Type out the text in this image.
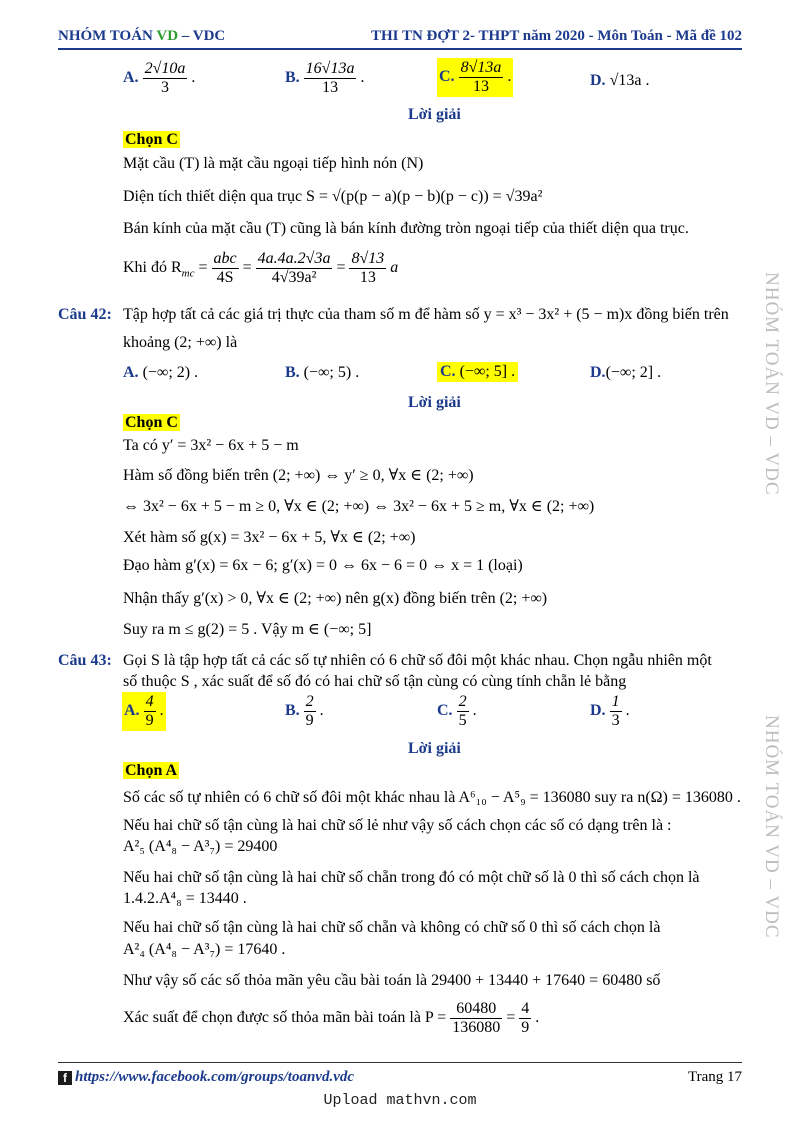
NHÓM TOÁN VD – VDC	THI TN ĐỢT 2- THPT năm 2020 - Môn Toán - Mã đề 102
NHÓM TOÁN VD – VDC
NHÓM TOÁN VD – VDC
A. $\frac{2√10a}{3}$ .	B. $\frac{16√13a}{13}$ .	C. $\frac{8√13a}{13}$ .	D. √13a .
Lời giải
Chọn C
Mặt cầu (T) là mặt cầu ngoại tiếp hình nón (N)
Diện tích thiết diện qua trục S = √(p(p − a)(p − b)(p − c)) = √39a²
Bán kính của mặt cầu (T) cũng là bán kính đường tròn ngoại tiếp của thiết diện qua trục.
Khi đó $R_{mc} = \frac{\text{abc}}{4S} = \frac{4a.4a.2√3a}{\text{4√39a²}} = \frac{8√13}{13}$ a
Câu 42: Tập hợp tất cả các giá trị thực của tham số m để hàm số y = x³ − 3x² + (5 − m)x đồng biến trên
khoảng (2; +∞) là
A. (−∞; 2) .	B. (−∞; 5) .	C. (−∞; 5] .	D.(−∞; 2] .
Lời giải
Chọn C
Ta có y′ = 3x² − 6x + 5 − m
Hàm số đồng biến trên (2; +∞) ⇔ y′ ≥ 0, ∀x ∈ (2; +∞)
⇔ 3x² − 6x + 5 − m ≥ 0, ∀x ∈ (2; +∞) ⇔ 3x² − 6x + 5 ≥ m, ∀x ∈ (2; +∞)
Xét hàm số g(x) = 3x² − 6x + 5, ∀x ∈ (2; +∞)
Đạo hàm g′(x) = 6x − 6; g′(x) = 0 ⇔ 6x − 6 = 0 ⇔ x = 1 (loại)
Nhận thấy g′(x) > 0, ∀x ∈ (2; +∞) nên g(x) đồng biến trên (2; +∞)
Suy ra m ≤ g(2) = 5 . Vậy m ∈ (−∞; 5]
Câu 43: Gọi S là tập hợp tất cả các số tự nhiên có 6 chữ số đôi một khác nhau. Chọn ngẫu nhiên một
số thuộc S , xác suất để số đó có hai chữ số tận cùng có cùng tính chẵn lẻ bằng
A. $\frac{4}{9}$ .	B. $\frac{2}{9}$ .	C. $\frac{2}{5}$ .	D. $\frac{1}{3}$ .
Lời giải
Chọn A
Số các số tự nhiên có 6 chữ số đôi một khác nhau là A⁶₁₀ − A⁵₉ = 136080 suy ra n(Ω) = 136080 .
Nếu hai chữ số tận cùng là hai chữ số lẻ như vậy số cách chọn các số có dạng trên là :
A²₅ (A⁴₈ − A³₇) = 29400
Nếu hai chữ số tận cùng là hai chữ số chẵn trong đó có một chữ số là 0 thì số cách chọn là
1.4.2.A⁴₈ = 13440 .
Nếu hai chữ số tận cùng là hai chữ số chẵn và không có chữ số 0 thì số cách chọn là
A²₄ (A⁴₈ − A³₇) = 17640 .
Như vậy số các số thỏa mãn yêu cầu bài toán là 29400 + 13440 + 17640 = 60480 số
Xác suất để chọn được số thỏa mãn bài toán là $P = \frac{60480}{136080} = \frac{4}{9}$ .
f https://www.facebook.com/groups/toanvd.vdc	Trang 17
Upload mathvn.com
